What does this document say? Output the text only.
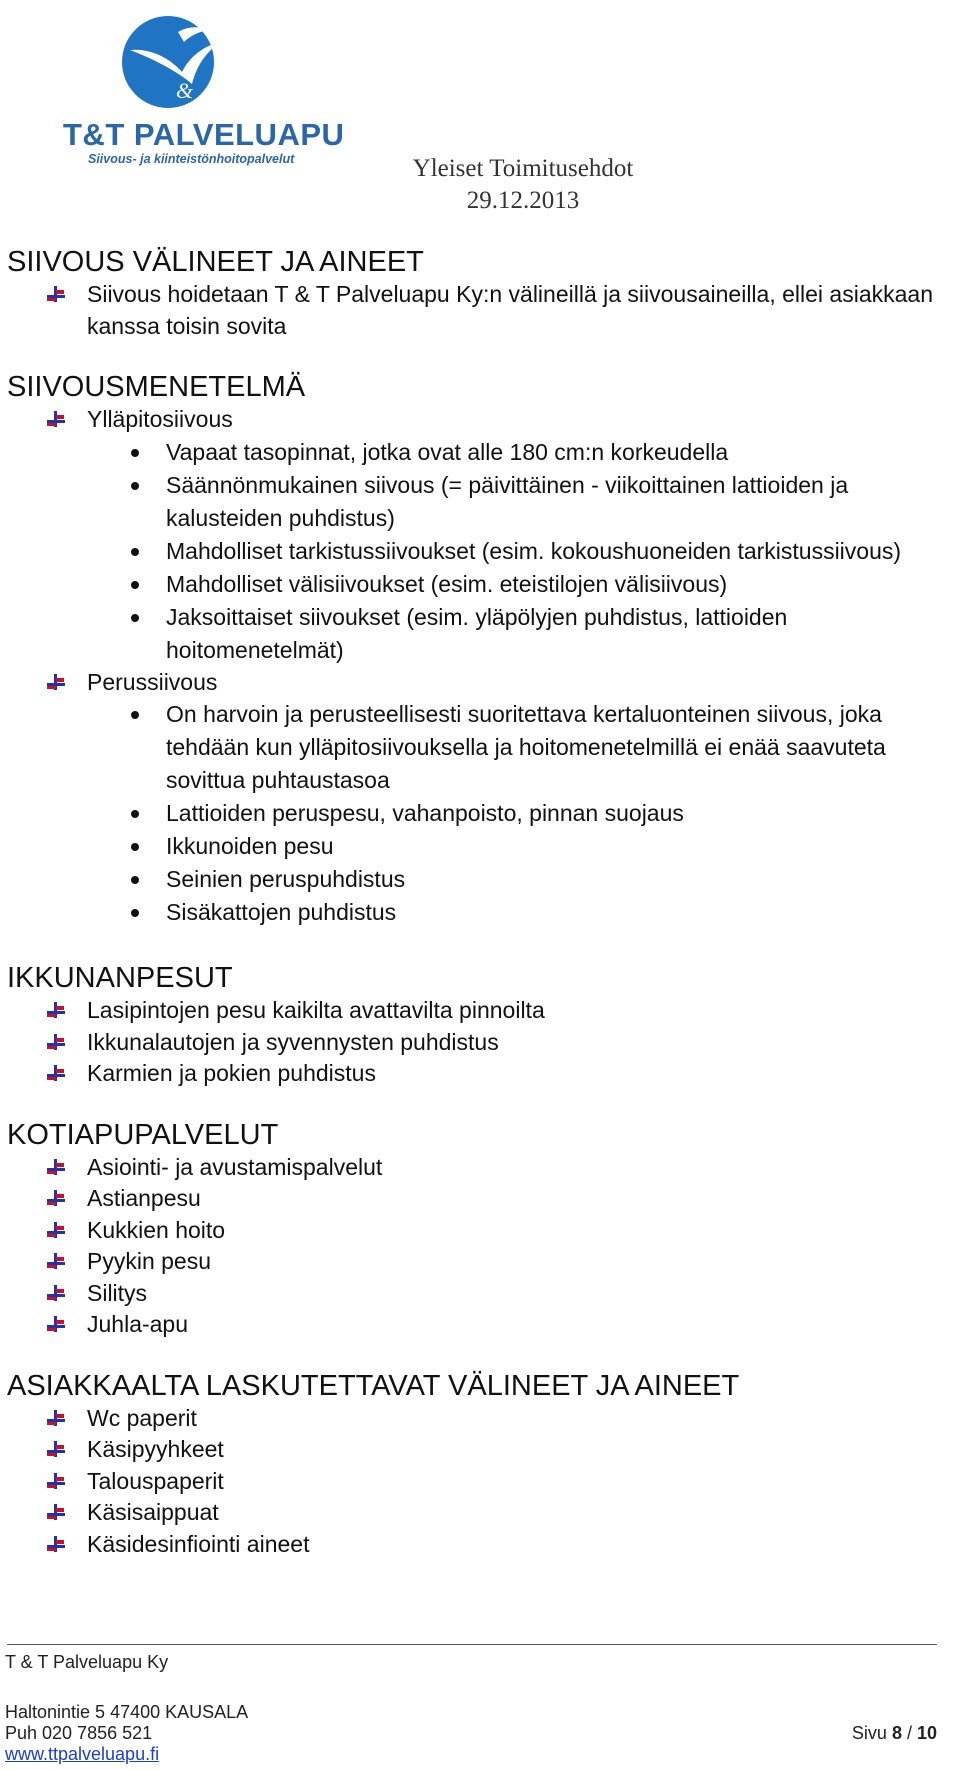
&
T&T PALVELUAPU
Siivous- ja kiinteistönhoitopalvelut	Yleiset Toimitusehdot
29.12.2013
SIIVOUS VÄLINEET JA AINEET
Siivous hoidetaan T & T Palveluapu Ky:n välineillä ja siivousaineilla, ellei asiakkaan kanssa toisin sovita
SIIVOUSMENETELMÄ
Ylläpitosiivous
Vapaat tasopinnat, jotka ovat alle 180 cm:n korkeudella
Säännönmukainen siivous (= päivittäinen - viikoittainen lattioiden ja kalusteiden puhdistus)
Mahdolliset tarkistussiivoukset (esim. kokoushuoneiden tarkistussiivous)
Mahdolliset välisiivoukset (esim. eteistilojen välisiivous)
Jaksoittaiset siivoukset (esim. yläpölyjen puhdistus, lattioiden hoitomenetelmät)
Perussiivous
On harvoin ja perusteellisesti suoritettava kertaluonteinen siivous, joka tehdään kun ylläpitosiivouksella ja hoitomenetelmillä ei enää saavuteta sovittua puhtaustasoa
Lattioiden peruspesu, vahanpoisto, pinnan suojaus
Ikkunoiden pesu
Seinien peruspuhdistus
Sisäkattojen puhdistus
IKKUNANPESUT
Lasipintojen pesu kaikilta avattavilta pinnoilta
Ikkunalautojen ja syvennysten puhdistus
Karmien ja pokien puhdistus
KOTIAPUPALVELUT
Asiointi- ja avustamispalvelut
Astianpesu
Kukkien hoito
Pyykin pesu
Silitys
Juhla-apu
ASIAKKAALTA LASKUTETTAVAT VÄLINEET JA AINEET
Wc paperit
Käsipyyhkeet
Talouspaperit
Käsisaippuat
Käsidesinfiointi aineet
T & T Palveluapu Ky
Haltonintie 5 47400 KAUSALA
Puh 020 7856 521
www.ttpalveluapu.fi
Sivu 8 / 10
